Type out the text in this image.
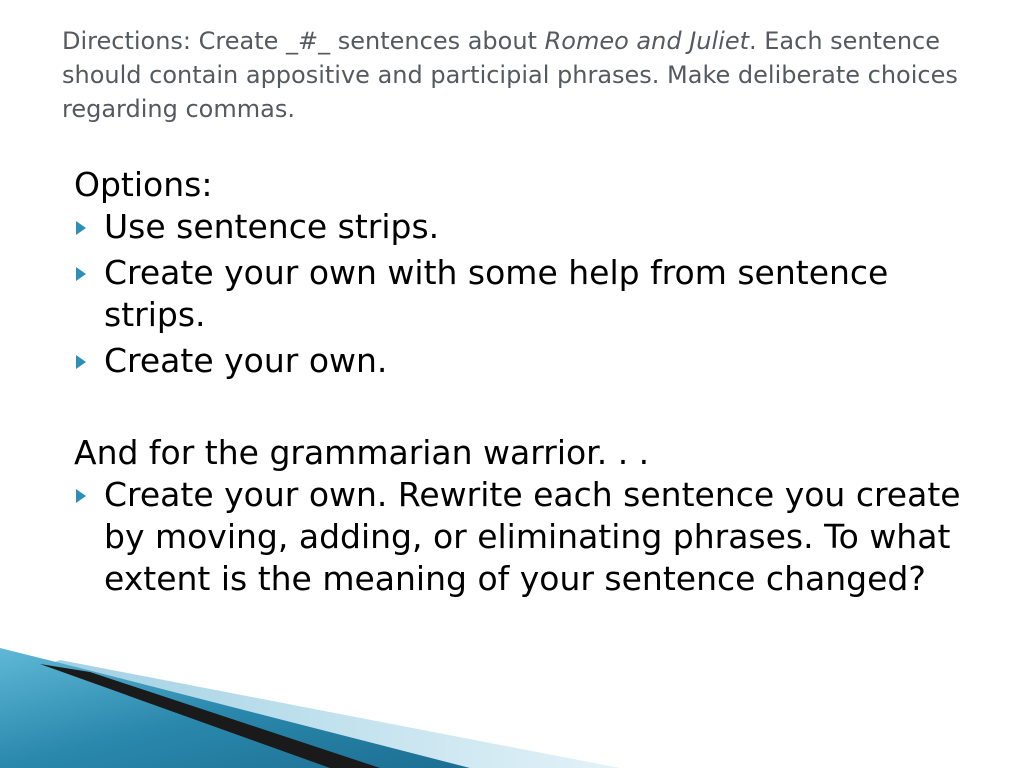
Directions: Create _#_ sentences about Romeo and Juliet. Each sentence should contain appositive and participial phrases. Make deliberate choices regarding commas.

Options:

Use sentence strips.
Create your own with some help from sentence strips.
Create your own.

And for the grammarian warrior. . .

Create your own. Rewrite each sentence you create by moving, adding, or eliminating phrases. To what extent is the meaning of your sentence changed?
